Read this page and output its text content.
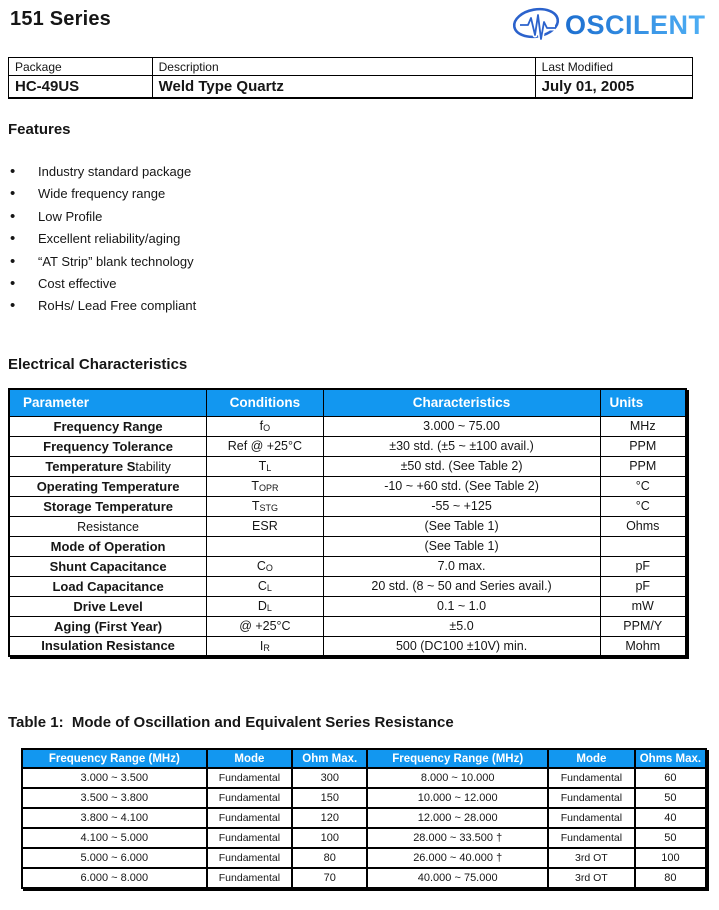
151 Series	OSCILENT
Package	Description	Last Modified
HC-49US	Weld Type Quartz	July 01, 2005
Features
• Industry standard package
• Wide frequency range
• Low Profile
• Excellent reliability/aging
• “AT Strip” blank technology
• Cost effective
• RoHs/ Lead Free compliant
Electrical Characteristics
Parameter	Conditions	Characteristics	Units
Frequency Range	fO	3.000 ~ 75.00	MHz
Frequency Tolerance	Ref @ +25°C	±30 std. (±5 ~ ±100 avail.)	PPM
Temperature Stability	TL	±50 std. (See Table 2)	PPM
Operating Temperature	TOPR	-10 ~ +60 std. (See Table 2)	°C
Storage Temperature	TSTG	-55 ~ +125	°C
Resistance	ESR	(See Table 1)	Ohms
Mode of Operation		(See Table 1)	
Shunt Capacitance	CO	7.0 max.	pF
Load Capacitance	CL	20 std. (8 ~ 50 and Series avail.)	pF
Drive Level	DL	0.1 ~ 1.0	mW
Aging (First Year)	@ +25°C	±5.0	PPM/Y
Insulation Resistance	IR	500 (DC100 ±10V) min.	Mohm
Table 1:  Mode of Oscillation and Equivalent Series Resistance
Frequency Range (MHz)	Mode	Ohm Max.	Frequency Range (MHz)	Mode	Ohms Max.
3.000 ~ 3.500	Fundamental	300	8.000 ~ 10.000	Fundamental	60
3.500 ~ 3.800	Fundamental	150	10.000 ~ 12.000	Fundamental	50
3.800 ~ 4.100	Fundamental	120	12.000 ~ 28.000	Fundamental	40
4.100 ~ 5.000	Fundamental	100	28.000 ~ 33.500 †	Fundamental	50
5.000 ~ 6.000	Fundamental	80	26.000 ~ 40.000 †	3rd OT	100
6.000 ~ 8.000	Fundamental	70	40.000 ~ 75.000	3rd OT	80
